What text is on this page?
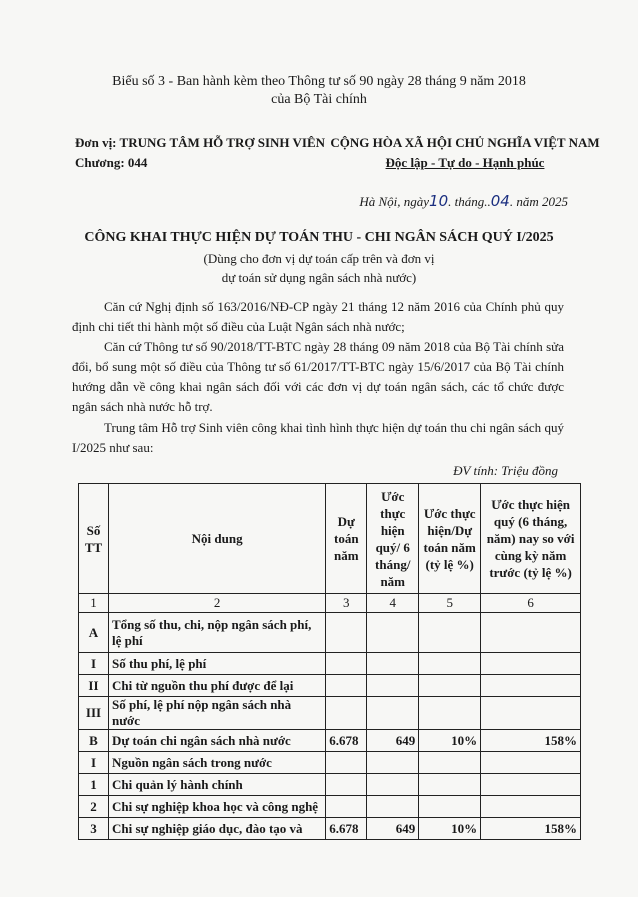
Biểu số 3 - Ban hành kèm theo Thông tư số 90 ngày 28 tháng 9 năm 2018
của Bộ Tài chính
Đơn vị: TRUNG TÂM HỖ TRỢ SINH VIÊN
Chương: 044
CỘNG HÒA XÃ HỘI CHỦ NGHĨA VIỆT NAM
Độc lập - Tự do - Hạnh phúc
Hà Nội, ngày10. tháng..04. năm 2025
CÔNG KHAI THỰC HIỆN DỰ TOÁN THU - CHI NGÂN SÁCH QUÝ I/2025
(Dùng cho đơn vị dự toán cấp trên và đơn vị
dự toán sử dụng ngân sách nhà nước)
Căn cứ Nghị định số 163/2016/NĐ-CP ngày 21 tháng 12 năm 2016 của Chính phủ quy định chi tiết thi hành một số điều của Luật Ngân sách nhà nước;
Căn cứ Thông tư số 90/2018/TT-BTC ngày 28 tháng 09 năm 2018 của Bộ Tài chính sửa đổi, bổ sung một số điều của Thông tư số 61/2017/TT-BTC ngày 15/6/2017 của Bộ Tài chính hướng dẫn về công khai ngân sách đối với các đơn vị dự toán ngân sách, các tổ chức được ngân sách nhà nước hỗ trợ.
Trung tâm Hỗ trợ Sinh viên công khai tình hình thực hiện dự toán thu chi ngân sách quý I/2025 như sau:
ĐV tính: Triệu đồng
Số TT	Nội dung	Dự toán năm	Ước thực hiện quý/ 6 tháng/ năm	Ước thực hiện/Dự toán năm (tỷ lệ %)	Ước thực hiện quý (6 tháng, năm) nay so với cùng kỳ năm trước (tỷ lệ %)
1	2	3	4	5	6
A	Tổng số thu, chi, nộp ngân sách phí, lệ phí				
I	Số thu phí, lệ phí				
II	Chi từ nguồn thu phí được để lại				
III	Số phí, lệ phí nộp ngân sách nhà nước				
B	Dự toán chi ngân sách nhà nước	6.678	649	10%	158%
I	Nguồn ngân sách trong nước				
1	Chi quản lý hành chính				
2	Chi sự nghiệp khoa học và công nghệ				
3	Chi sự nghiệp giáo dục, đào tạo và	6.678	649	10%	158%
